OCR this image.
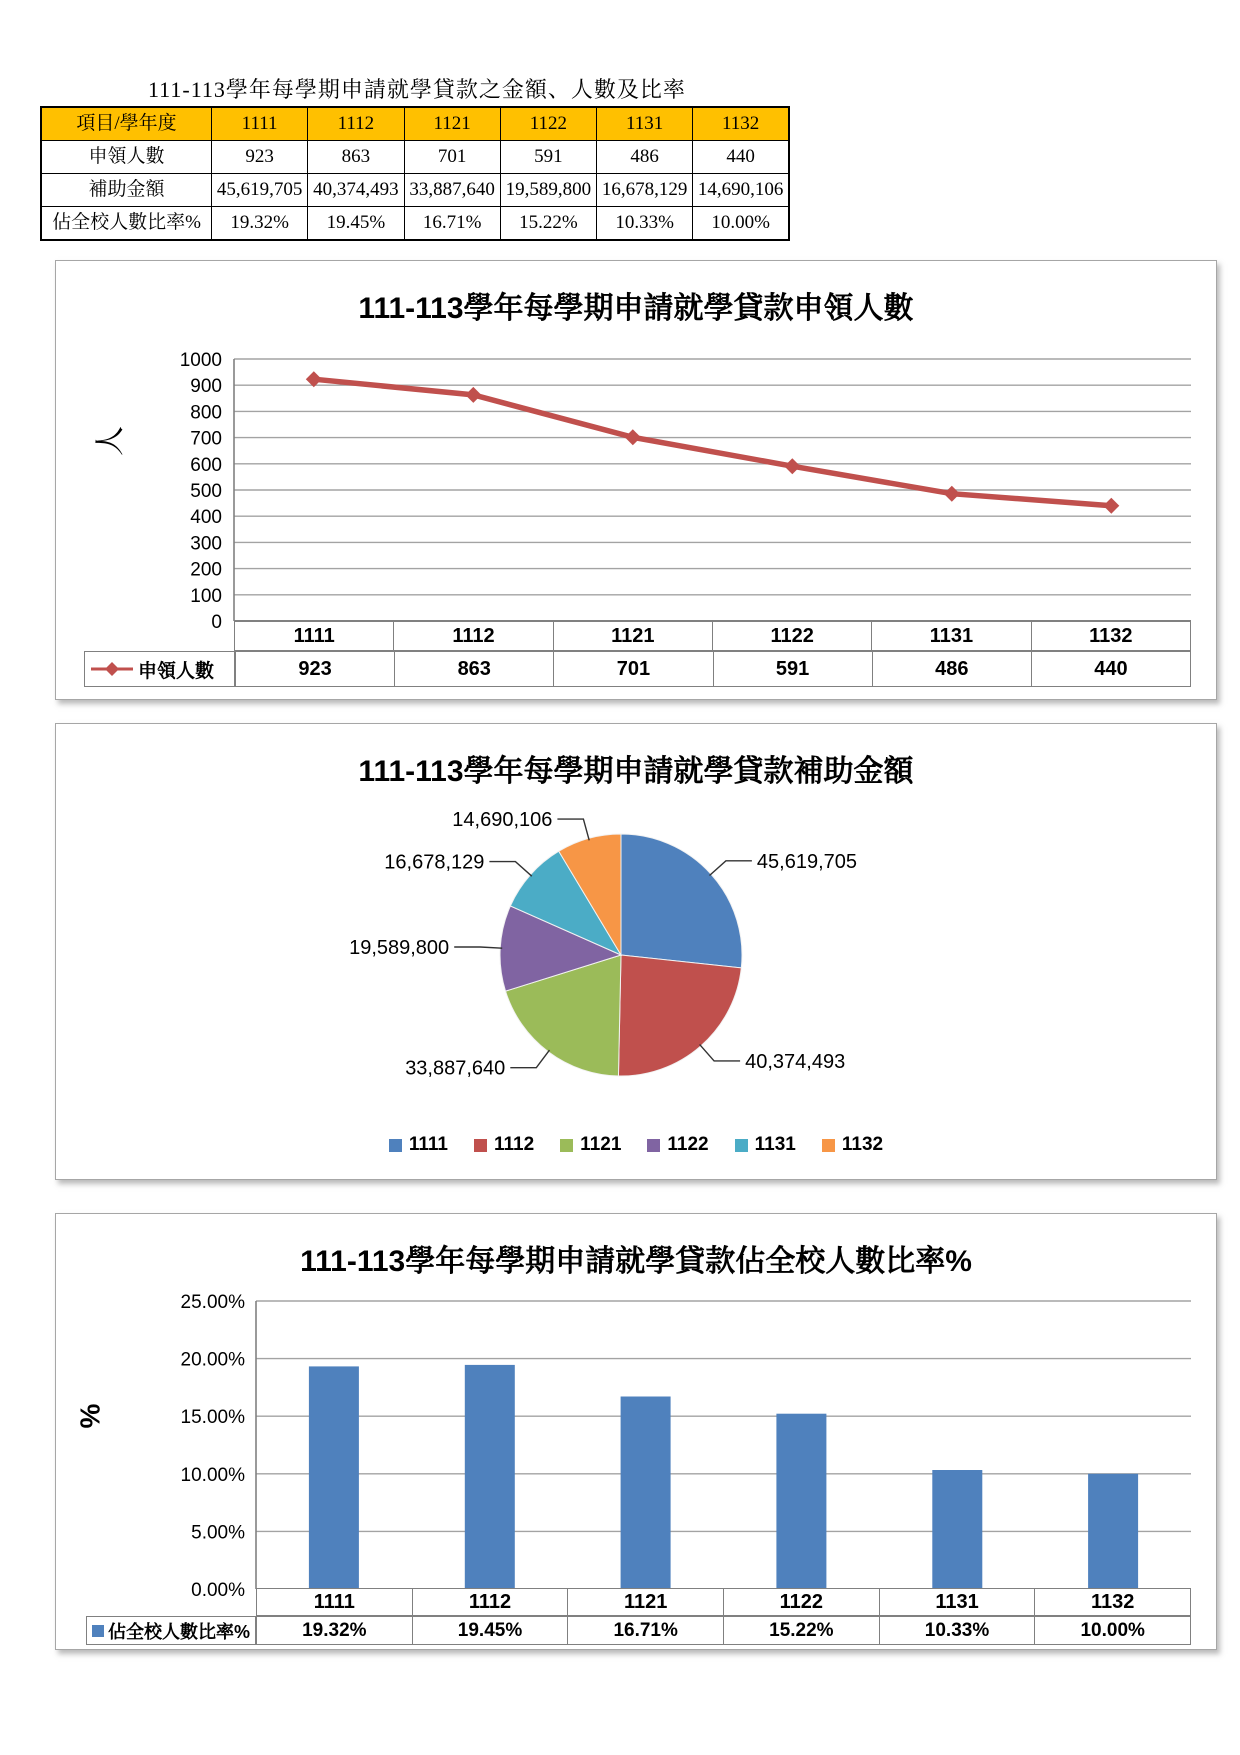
111-113學年每學期申請就學貸款之金額、人數及比率
項目/學年度	1111	1112	1121	1122	1131	1132
申領人數	923	863	701	591	486	440
補助金額	45,619,705	40,374,493	33,887,640	19,589,800	16,678,129	14,690,106
佔全校人數比率%	19.32%	19.45%	16.71%	15.22%	10.33%	10.00%
111-113學年每學期申請就學貸款申領人數
人
0
100
200
300
400
500
600
700
800
900
1000
1111	1112	1121	1122	1131	1132
申領人數	923	863	701	591	486	440
111-113學年每學期申請就學貸款補助金額
45,619,705
40,374,493
33,887,640
19,589,800
16,678,129
14,690,106
1111 1112 1121 1122 1131 1132
111-113學年每學期申請就學貸款佔全校人數比率%
%
0.00%
5.00%
10.00%
15.00%
20.00%
25.00%
1111	1112	1121	1122	1131	1132
佔全校人數比率%	19.32%	19.45%	16.71%	15.22%	10.33%	10.00%
